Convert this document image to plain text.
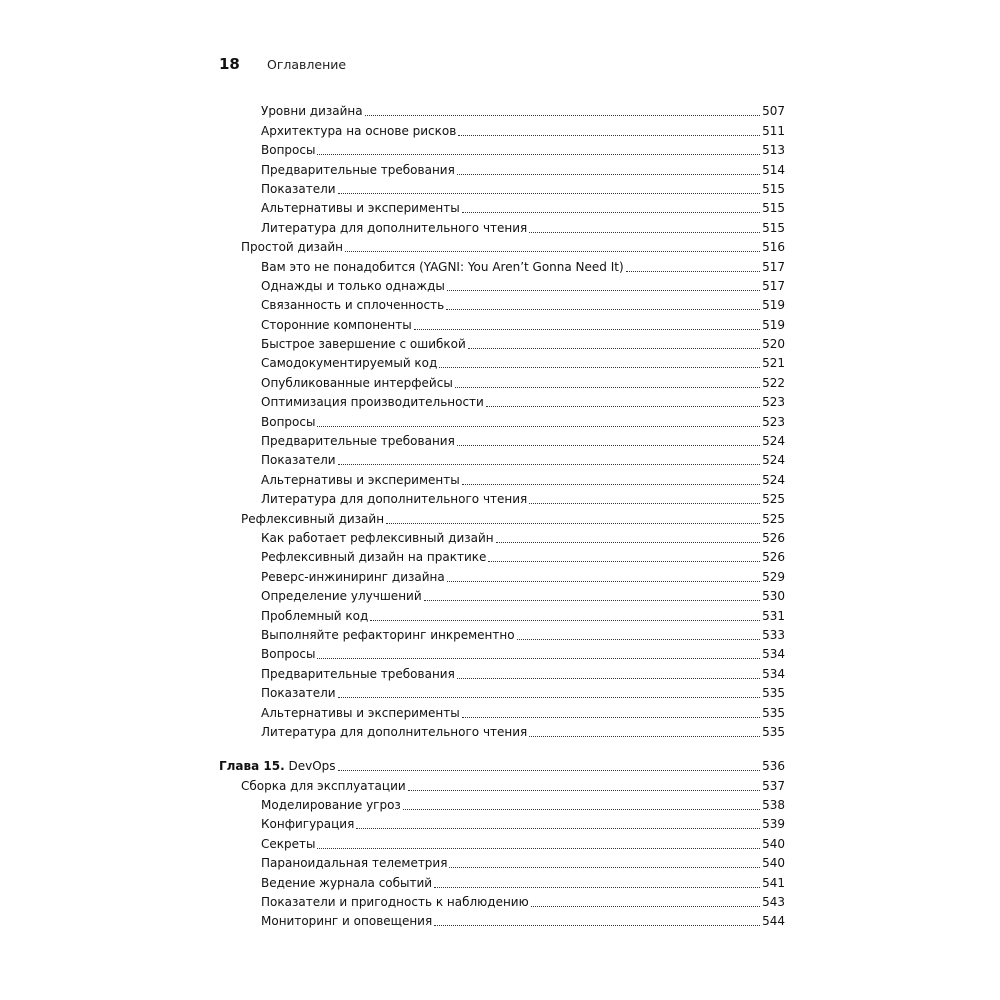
18	Оглавление
Уровни дизайна	507
Архитектура на основе рисков	511
Вопросы	513
Предварительные требования	514
Показатели	515
Альтернативы и эксперименты	515
Литература для дополнительного чтения	515
Простой дизайн	516
Вам это не понадобится (YAGNI: You Aren’t Gonna Need It)	517
Однажды и только однажды	517
Связанность и сплоченность	519
Сторонние компоненты	519
Быстрое завершение с ошибкой	520
Самодокументируемый код	521
Опубликованные интерфейсы	522
Оптимизация производительности	523
Вопросы	523
Предварительные требования	524
Показатели	524
Альтернативы и эксперименты	524
Литература для дополнительного чтения	525
Рефлексивный дизайн	525
Как работает рефлексивный дизайн	526
Рефлексивный дизайн на практике	526
Реверс-инжиниринг дизайна	529
Определение улучшений	530
Проблемный код	531
Выполняйте рефакторинг инкрементно	533
Вопросы	534
Предварительные требования	534
Показатели	535
Альтернативы и эксперименты	535
Литература для дополнительного чтения	535
Глава 15. DevOps	536
Сборка для эксплуатации	537
Моделирование угроз	538
Конфигурация	539
Секреты	540
Параноидальная телеметрия	540
Ведение журнала событий	541
Показатели и пригодность к наблюдению	543
Мониторинг и оповещения	544
